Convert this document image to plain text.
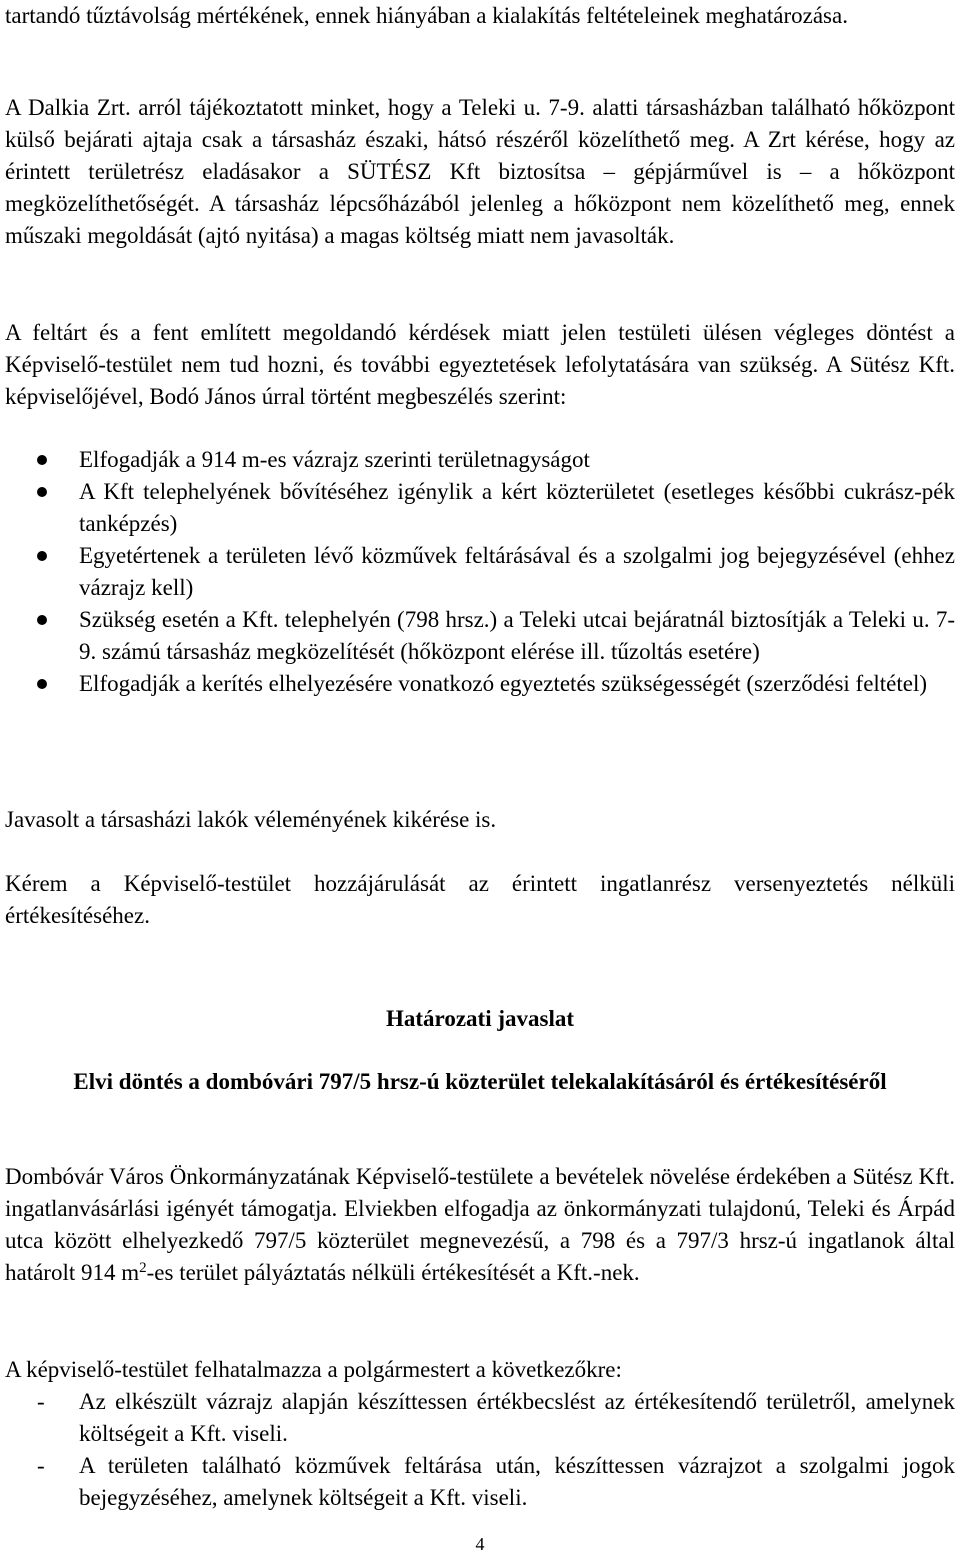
tartandó tűztávolság mértékének, ennek hiányában a kialakítás feltételeinek meghatározása.

A Dalkia Zrt. arról tájékoztatott minket, hogy a Teleki u. 7-9. alatti társasházban található hőközpont külső bejárati ajtaja csak a társasház északi, hátsó részéről közelíthető meg. A Zrt kérése, hogy az érintett területrész eladásakor a SÜTÉSZ Kft biztosítsa – gépjárművel is – a hőközpont megközelíthetőségét. A társasház lépcsőházából jelenleg a hőközpont nem közelíthető meg, ennek műszaki megoldását (ajtó nyitása) a magas költség miatt nem javasolták.

A feltárt és a fent említett megoldandó kérdések miatt jelen testületi ülésen végleges döntést a Képviselő-testület nem tud hozni, és további egyeztetések lefolytatására van szükség. A Sütész Kft. képviselőjével, Bodó János úrral történt megbeszélés szerint:

Elfogadják a 914 m-es vázrajz szerinti területnagyságot
A Kft telephelyének bővítéséhez igénylik a kért közterületet (esetleges későbbi cukrász-pék tanképzés)
Egyetértenek a területen lévő közművek feltárásával és a szolgalmi jog bejegyzésével (ehhez vázrajz kell)
Szükség esetén a Kft. telephelyén (798 hrsz.) a Teleki utcai bejáratnál biztosítják a Teleki u. 7-9. számú társasház megközelítését (hőközpont elérése ill. tűzoltás esetére)
Elfogadják a kerítés elhelyezésére vonatkozó egyeztetés szükségességét (szerződési feltétel)

Javasolt a társasházi lakók véleményének kikérése is.

Kérem a Képviselő-testület hozzájárulását az érintett ingatlanrész versenyeztetés nélküli értékesítéséhez.

Határozati javaslat
Elvi döntés a dombóvári 797/5 hrsz-ú közterület telekalakításáról és értékesítéséről

Dombóvár Város Önkormányzatának Képviselő-testülete a bevételek növelése érdekében a Sütész Kft. ingatlanvásárlási igényét támogatja. Elviekben elfogadja az önkormányzati tulajdonú, Teleki és Árpád utca között elhelyezkedő 797/5 közterület megnevezésű, a 798 és a 797/3 hrsz-ú ingatlanok által határolt 914 $m^2-es$ terület pályáztatás nélküli értékesítését a Kft.-nek.

A képviselő-testület felhatalmazza a polgármestert a következőkre:

- Az elkészült vázrajz alapján készíttessen értékbecslést az értékesítendő területről, amelynek költségeit a Kft. viseli.
- A területen található közművek feltárása után, készíttessen vázrajzot a szolgalmi jogok bejegyzéséhez, amelynek költségeit a Kft. viseli.
4
